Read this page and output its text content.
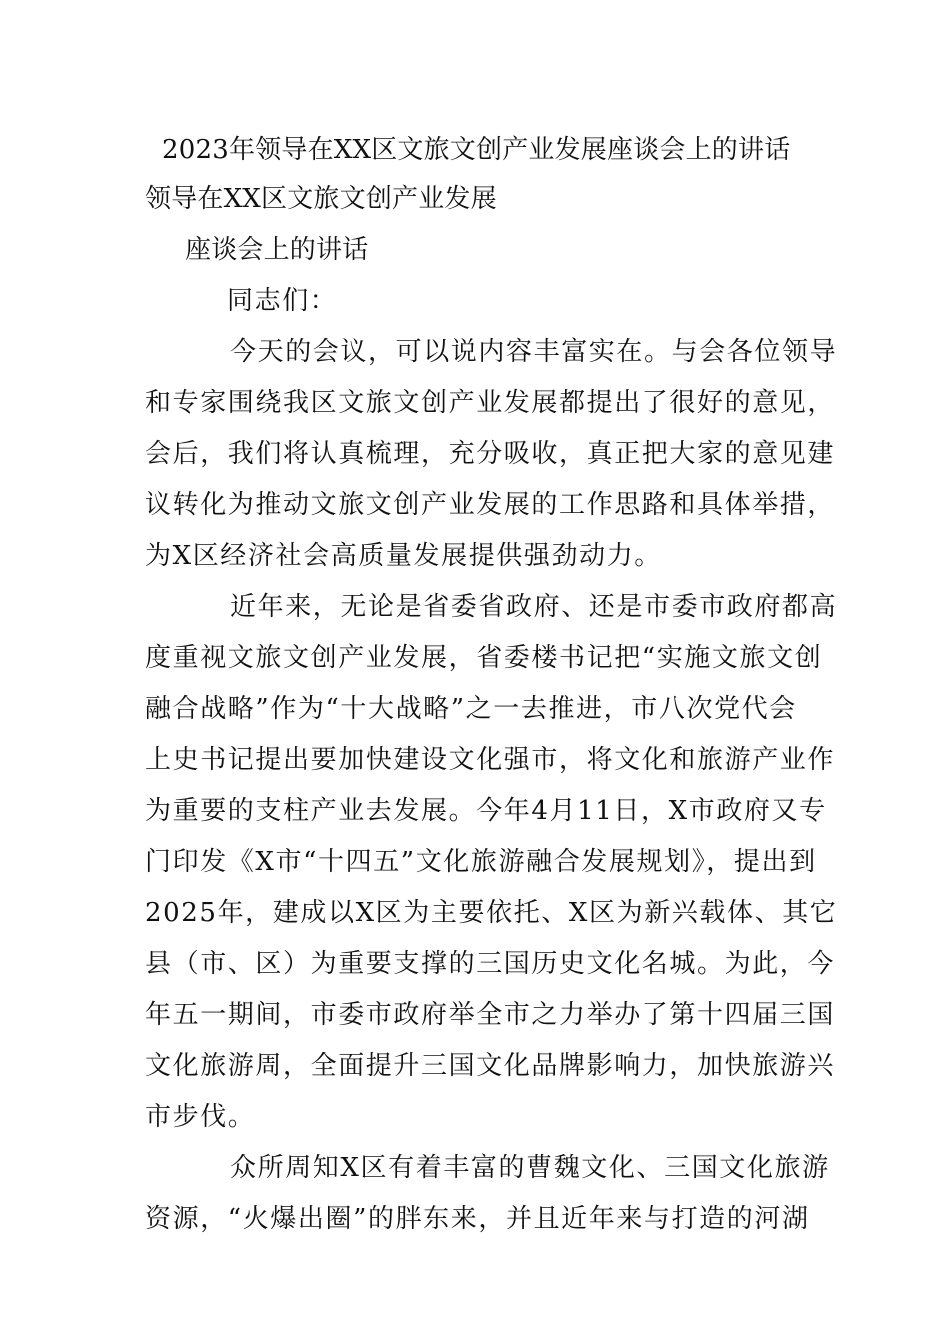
2023年领导在XX区文旅文创产业发展座谈会上的讲话
领导在XX区文旅文创产业发展
座谈会上的讲话
同志们：
今天的会议，可以说内容丰富实在。与会各位领导
和专家围绕我区文旅文创产业发展都提出了很好的意见，
会后，我们将认真梳理，充分吸收，真正把大家的意见建
议转化为推动文旅文创产业发展的工作思路和具体举措，
为X区经济社会高质量发展提供强劲动力。
近年来，无论是省委省政府、还是市委市政府都高
度重视文旅文创产业发展，省委楼书记把“实施文旅文创
融合战略”作为“十大战略”之一去推进，市八次党代会
上史书记提出要加快建设文化强市，将文化和旅游产业作
为重要的支柱产业去发展。今年4月11日，X市政府又专
门印发《X市“十四五”文化旅游融合发展规划》，提出到
2025年，建成以X区为主要依托、X区为新兴载体、其它
县（市、区）为重要支撑的三国历史文化名城。为此，今
年五一期间，市委市政府举全市之力举办了第十四届三国
文化旅游周，全面提升三国文化品牌影响力，加快旅游兴
市步伐。
众所周知X区有着丰富的曹魏文化、三国文化旅游
资源，“火爆出圈”的胖东来，并且近年来与打造的河湖
